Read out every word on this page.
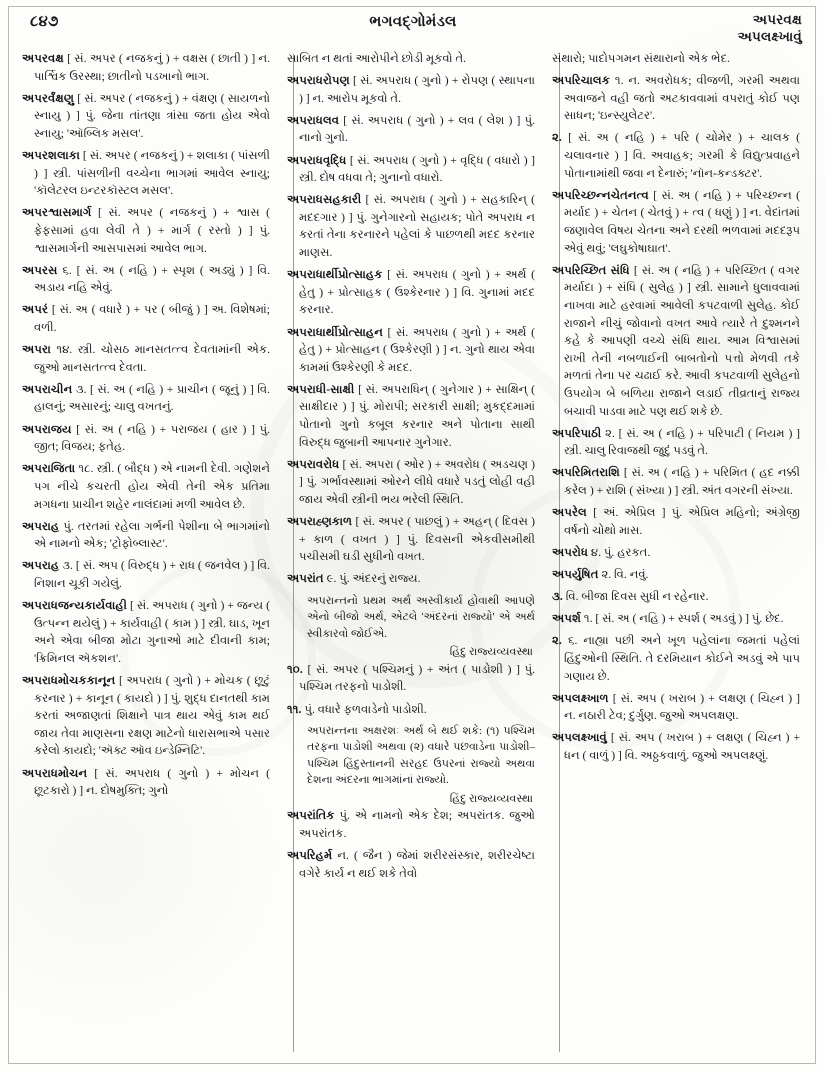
૮૪૭	ભગવદ્ગોમંડલ	અપરવક્ષ
અપલક્ષ્ખાવું

અપરવક્ષ [ સં. અપર ( નજકનું ) + વક્ષસ ( છાતી ) ] ન. પાર્શ્વિક ઉરસ્થા; છાતીનો પડખાનો ભાગ.

અપરર્વંક્ષણુ [ સં. અપર ( નજકનું ) + વંક્ષણ ( સાયળનો સ્નાયુ ) ] પું. જેના તાંતણા ત્રાંસા જતા હોય એવો સ્નાયુ; 'ઑબ્લિક મસલ'.

અપરશલાકા [ સં. અપર ( નજકનું ) + શલાકા ( પાંસળી ) ] સ્ત્રી. પાંસળીની વચ્ચેના ભાગમાં આવેલ સ્નાયુ; 'કૉલેટરલ ઇન્ટરકૉસ્ટલ મસલ'.

અપરશ્વાસમાર્ગ [ સં. અપર ( નજકનું ) + શ્વાસ ( ફેફસામાં હવા લેવી તે ) + માર્ગ ( રસ્તો ) ] પું. શ્વાસમાર્ગની આસપાસમાં આવેલ ભાગ.

અપરસ ૬. [ સં. અ ( નહિ ) + સ્પૃશ ( અડ્યું ) ] વિ. અડાય નહિ એવું.

અપરં [ સં. અ ( વધારે ) + પર ( બીજું ) ] અ. વિશેષમાં; વળી.

અપરા ૧૪. સ્ત્રી. ચોસઠ માનસતત્ત્વ દેવતામાંની એક. જુઓ માનસતત્ત્વ દેવતા.

અપરાચીન ૩. [ સં. અ ( નહિ ) + પ્રાચીન ( જૂનું ) ] વિ. હાલનું; અસારનું; ચાલુ વખતનું.

અપરાજય [ સં. અ ( નહિ ) + પરાજય ( હાર ) ] પું. જીત; વિજય; ફતેહ.

અપરાજિતા ૧૮. સ્ત્રી. ( બૌદ્ધ ) એ નામની દેવી. ગણેશને પગ નીચે કચરતી હોય એવી તેની એક પ્રતિમા મગધના પ્રાચીન શહેર નાલંદામાં મળી આવેલ છે.

અપરાહ પું. તરતમાં રહેલા ગર્ભની પેશીના બે ભાગમાંનો એ નામનો એક; 'ટ્રોફોબ્લાસ્ટ'.

અપરાહ ૩. [ સં. અપ ( વિરુદ્ધ ) + રાધ ( જનવેલ ) ] વિ. નિશાન ચૂકી ગયેલું.

અપરાધજન્યકાર્યવાહી [ સં. અપરાધ ( ગુનો ) + જન્ય ( ઉત્પન્ન થયેલું ) + કાર્યવાહી ( કામ ) ] સ્ત્રી. ઘાડ, ખૂન અને એવા બીજા મોટા ગુનાઓ માટે દીવાની કામ; 'ક્રિમિનલ ઍકશન'.

અપરાધમોચકકાનૂન [ અપરાધ ( ગુનો ) + મોચક ( છૂટું કરનાર ) + કાનૂન ( કાયદો ) ] પું. શુદ્ધ દાનતથી કામ કરતાં અજાણતાં શિક્ષાને પાત્ર થાય એવું કામ થઈ જાય તેવા માણસના રક્ષણ માટેનો ધારાસભાએ પસાર કરેલો કાયદો; 'ઍક્ટ ઑવ ઇન્ડેમ્નિટિ'.

અપરાધમોચન [ સં. અપરાધ ( ગુનો ) + મોચન ( છૂટકારો ) ] ન. દોષમુક્તિ; ગુનો

સાબિત ન થતાં આરોપીને છોડી મૂકવો તે.

અપરાધરોપણ [ સં. અપરાધ ( ગુનો ) + રોપણ ( સ્થાપના ) ] ન. આરોપ મૂકવો તે.

અપરાધલવ [ સં. અપરાધ ( ગુનો ) + લવ ( લેશ ) ] પું. નાનો ગુનો.

અપરાધવૃદ્ધિ [ સં. અપરાધ ( ગુનો ) + વૃદ્ધિ ( વધારો ) ] સ્ત્રી. દોષ વધવા તે; ગુનાનો વધારો.

અપરાધસહકારી [ સં. અપરાધ ( ગુનો ) + સહકારિન્ ( મદદગાર ) ] પું. ગુનેગારનો સહાયક; પોતે અપરાધ ન કરતાં તેના કરનારને પહેલાં કે પાછળથી મદદ કરનાર માણસ.

અપરાધાર્થીપ્રોત્સાહક [ સં. અપરાધ ( ગુનો ) + અર્થ ( હેતુ ) + પ્રોત્સાહક ( ઉશ્કેરનાર ) ] વિ. ગુનામાં મદદ કરનાર.

અપરાધાર્થીપ્રોત્સાહન [ સં. અપરાધ ( ગુનો ) + અર્થ ( હેતુ ) + પ્રોત્સાહન ( ઉશ્કેરણી ) ] ન. ગુનો થાય એવા કામમાં ઉશ્કેરણી કે મદદ.

અપરાધી-સાક્ષી [ સં. અપરાધિન્ ( ગુનેગાર ) + સાક્ષિન્ ( સાક્ષીદાર ) ] પું. મોરાપી; સરકારી સાક્ષી; મુકદ્દમામાં પોતાનો ગુનો કબૂલ કરનાર અને પોતાના સાથી વિરુદ્ધ જુબાની આપનાર ગુનેગાર.

અપરાવરોધ [ સં. અપરા ( ઓર ) + અવરોધ ( અડચણ ) ] પું. ગર્ભાવસ્થામાં ઓરને લીધે વધારે પડતું લોહી વહી જાય એવી સ્ત્રીની ભય ભરેલી સ્થિતિ.

અપરાહ્ણકાળ [ સં. અપર ( પાછલું ) + અહન્ ( દિવસ ) + કાળ ( વખત ) ] પું. દિવસની એકવીસમીથી પચીસમી ઘડી સુધીનો વખત.

અપરાંત ૯. પું. અંદરનું રાજ્ય.

અપરાન્તનો પ્રથમ અર્થ અસ્વીકાર્ય હોવાથી આપણે એનો બીજો અર્થ, એટલે 'અંદરનાં રાજ્યો' એ અર્થ સ્વીકારવો જોઈએ.
હિંદુ રાજ્યવ્યવસ્થા

૧૦. [ સં. અપર ( પશ્ચિમનું ) + અંત ( પાડોશી ) ] પું. પશ્ચિમ તરફનો પાડોશી.

૧૧. પું. વધારે ફળવાડેનો પાડોશી.

અપરાન્તના અક્ષરશઃ અર્થ બે થઈ શકે: (૧) પશ્ચિમ તરફના પાડોશી અથવા (૨) વધારે પછવાડેના પાડોશી–પશ્ચિમ હિંદુસ્તાનની સરહદ ઉપરનાં રાજ્યો અથવા દેશના અંદરના ભાગમાંનાં રાજ્યો.
હિંદુ રાજ્યવ્યવસ્થા

અપરાંતિક પું. એ નામનો એક દેશ; અપરાંતક. જુઓ અપરાંતક.

અપરિહર્મ ન. ( જૈન ) જેમાં શરીરસંસ્કાર, શરીરચેષ્ટા વગેરે કાર્ય ન થઈ શકે તેવો

સંથારો; પાદોપગમન સંથારાનો એક ભેદ.

અપરિચાલક ૧. ન. અવરોધક; વીજળી, ગરમી અથવા અવાજને વહી જતો અટકાવવામાં વપરાતું કોઈ પણ સાધન; 'ઇન્સ્યુલેટર'.

૨. [ સં. અ ( નહિ ) + પરિ ( ચોમેર ) + ચાલક ( ચલાવનાર ) ] વિ. અવાહક; ગરમી કે વિદ્યુત્પ્રવાહને પોતાનામાંથી જવા ન દેનારું; 'નૉન-કન્ડક્ટર'.

અપરિચ્છન્નચેતનત્વ [ સં. અ ( નહિ ) + પરિચ્છન્ન ( મર્યાદ ) + ચેતન ( ચેતવું ) + ત્વ ( ધણું ) ] ન. વેદાંતમાં જણાવેલ વિષય ચેતના અને દરથી ભળવામાં મદદરૂપ એવું થવું; 'લઘુકોષાઘાત'.

અપરિચ્છિત સંધિ [ સં. અ ( નહિ ) + પરિચ્છિત ( વગર મર્યાદા ) + સંધિ ( સુલેહ ) ] સ્ત્રી. સામાને ધુલાવવામાં નાખવા માટે હરવામાં આવેલી કપટવાળી સુલેહ. કોઈ રાજાને નીચું જોવાનો વખત આવે ત્યારે તે દુશ્મનને કહે કે આપણી વચ્ચે સંધિ થાય. આમ વિશ્વાસમાં રાખી તેની નબળાઈની બાબતોનો પત્તો મેળવી તકે મળતાં તેના પર ચઢાઈ કરે. આવી કપટવાળી સુલેહનો ઉપયોગ બે બળિયા રાજાને લડાઈ તીવ્રતાનું રાજ્ય બચાવી પાડવા માટે પણ થઈ શકે છે.

અપરિપાઠી ૨. [ સં. અ ( નહિ ) + પરિપાટી ( નિયમ ) ] સ્ત્રી. ચાલુ રિવાજથી જુદું પડવું તે.

અપરિમિતરાશિ [ સં. અ ( નહિ ) + પરિમિત ( હદ નક્કી કરેલ ) + રાશિ ( સંખ્યા ) ] સ્ત્રી. અંત વગરની સંખ્યા.

અપરેલ [ અં. એપ્રિલ ] પું. એપ્રિલ મહિનો; અંગ્રેજી વર્ષનો ચોથો માસ.

અપરોધ ૪. પું. હરકત.

અપર્યુષિત ૨. વિ. નવું.

૩. વિ. બીજા દિવસ સુધી ન રહેનાર.

અપર્શ ૧. [ સં. અ ( નહિ ) + સ્પર્શ ( અડવું ) ] પું. છેદ.

૨. ૬. નાહ્યા પછી અને ખૂળ પહેલાંના જમતાં પહેલાં હિંદુઓની સ્થિતિ. તે દરમિયાન કોઈને અડવું એ પાપ ગણાય છે.

અપલક્ષ્ખાળ [ સં. અપ ( ખરાબ ) + લક્ષણ ( ચિહ્ન ) ] ન. નઠારી ટેવ; દુર્ગુણ. જુઓ અપલક્ષણ.

અપલક્ષ્ખાવું [ સં. અપ ( ખરાબ ) + લક્ષણ ( ચિહ્ન ) + ધન ( વાળું ) ] વિ. અઠ્ઠકવાળું. જુઓ અપલક્ષ્ણું.
